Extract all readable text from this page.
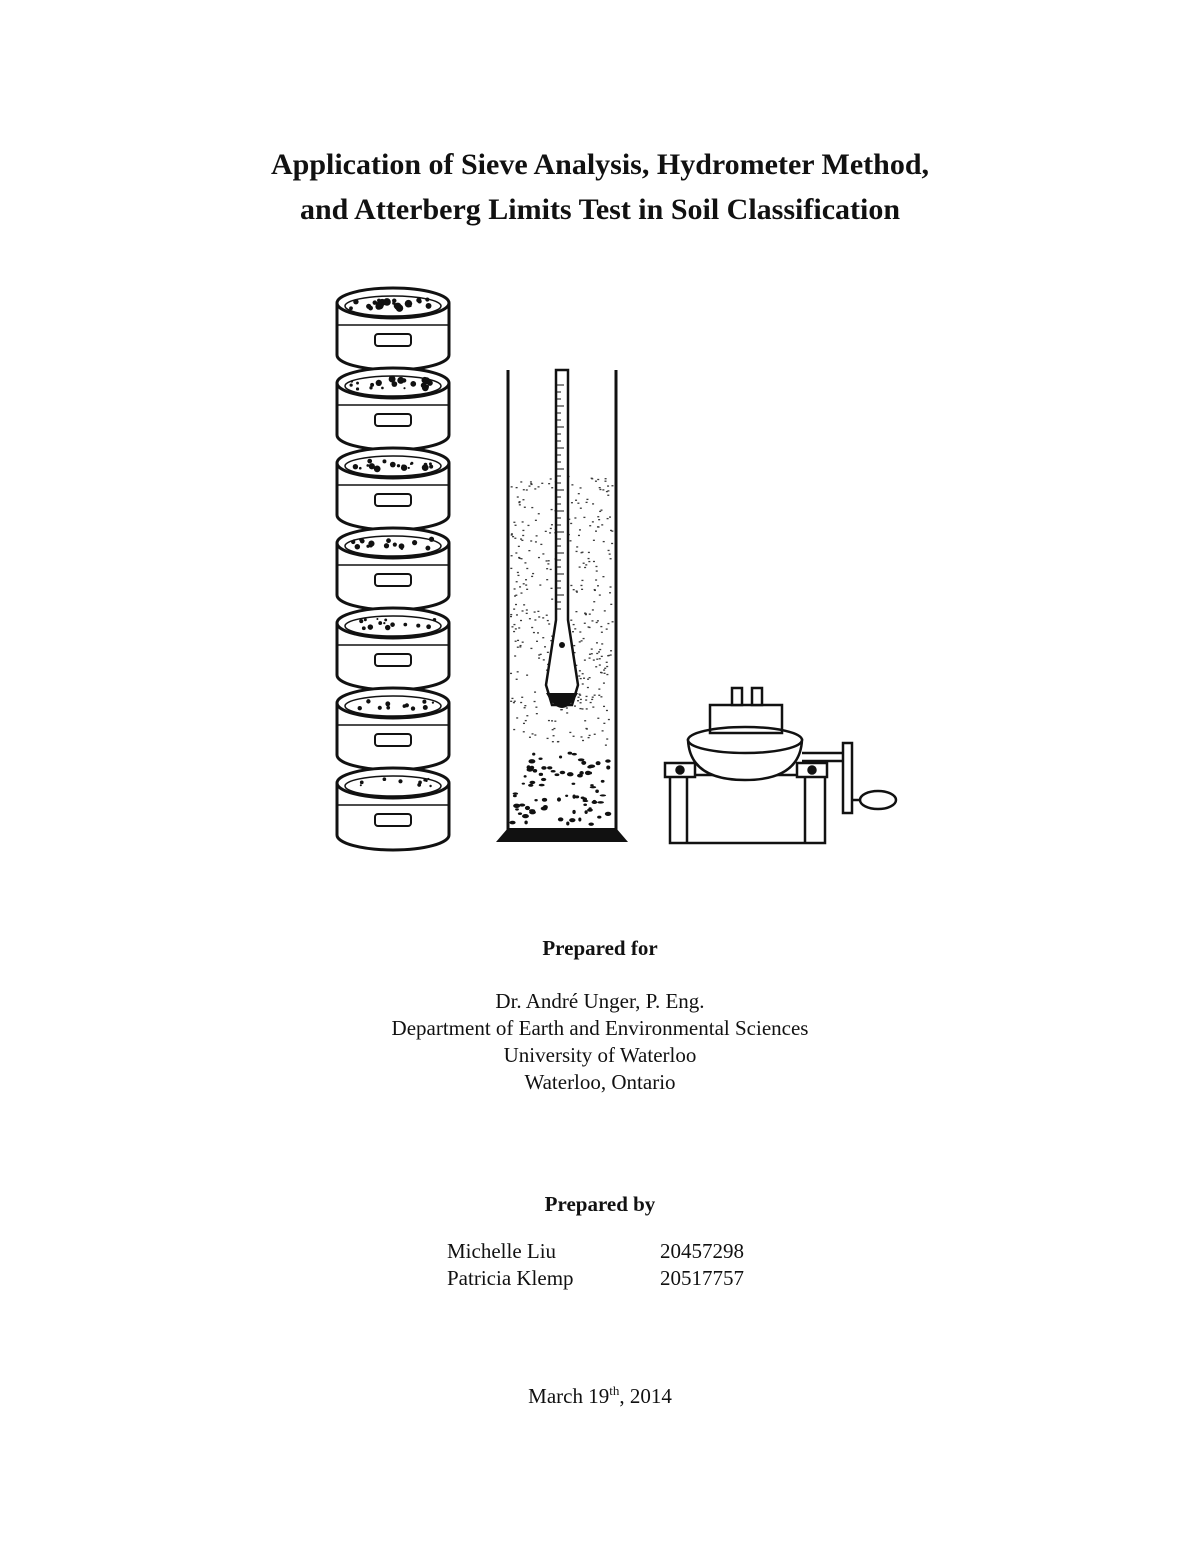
Application of Sieve Analysis, Hydrometer Method,
and Atterberg Limits Test in Soil Classification
Prepared for
Dr. André Unger, P. Eng.
Department of Earth and Environmental Sciences
University of Waterloo
Waterloo, Ontario
Prepared by
Michelle Liu	20457298
Patricia Klemp	20517757
March 19th, 2014
